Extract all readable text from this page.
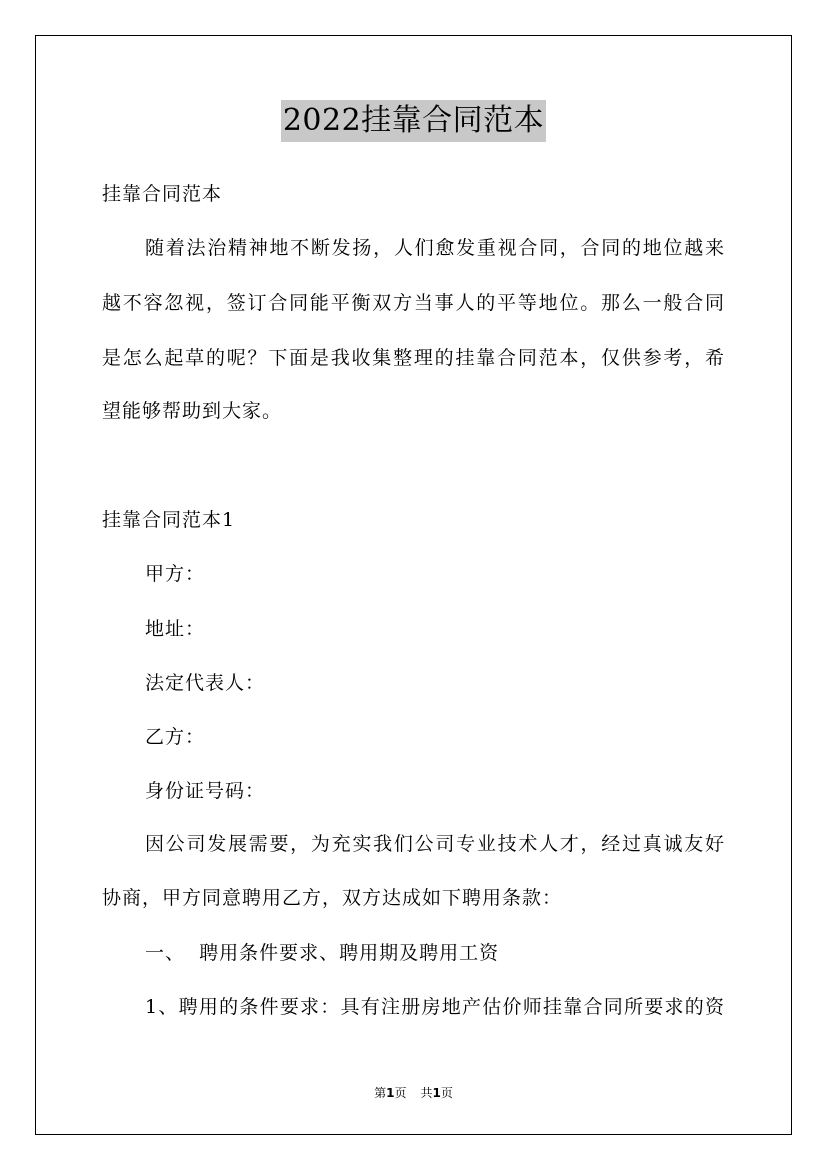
2022挂靠合同范本
挂靠合同范本
随着法治精神地不断发扬，人们愈发重视合同，合同的地位越来
越不容忽视，签订合同能平衡双方当事人的平等地位。那么一般合同
是怎么起草的呢？下面是我收集整理的挂靠合同范本，仅供参考，希
望能够帮助到大家。
挂靠合同范本1
甲方：
地址：
法定代表人：
乙方：
身份证号码：
因公司发展需要，为充实我们公司专业技术人才，经过真诚友好
协商，甲方同意聘用乙方，双方达成如下聘用条款：
一、  聘用条件要求、聘用期及聘用工资
1、聘用的条件要求：具有注册房地产估价师挂靠合同所要求的资
第1页 共1页
